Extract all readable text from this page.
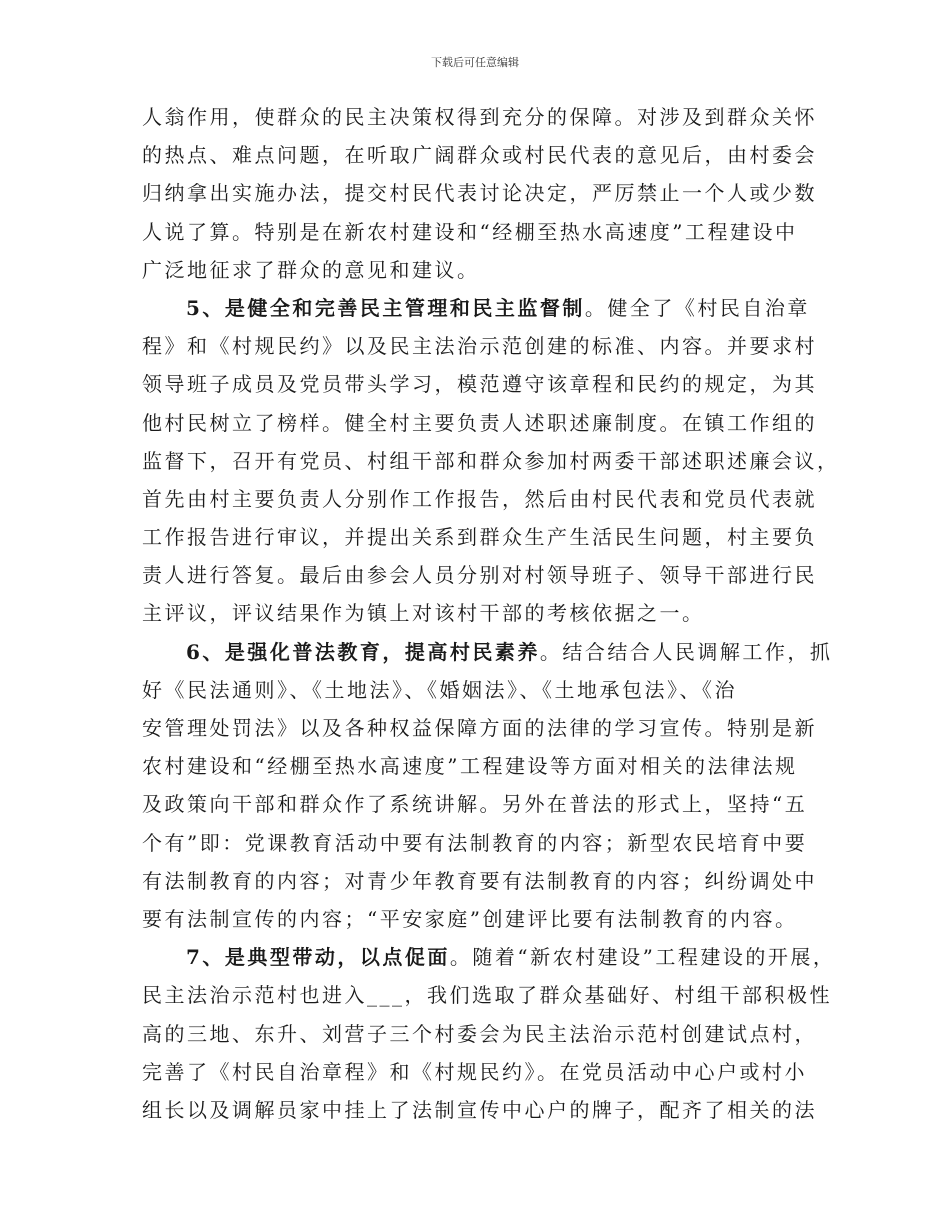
下载后可任意编辑
人翁作用，使群众的民主决策权得到充分的保障。对涉及到群众关怀
的热点、难点问题，在听取广阔群众或村民代表的意见后，由村委会
归纳拿出实施办法，提交村民代表讨论决定，严厉禁止一个人或少数
人说了算。特别是在新农村建设和“经棚至热水高速度”工程建设中
广泛地征求了群众的意见和建议。
5、是健全和完善民主管理和民主监督制。健全了《村民自治章
程》和《村规民约》以及民主法治示范创建的标准、内容。并要求村
领导班子成员及党员带头学习，模范遵守该章程和民约的规定，为其
他村民树立了榜样。健全村主要负责人述职述廉制度。在镇工作组的
监督下，召开有党员、村组干部和群众参加村两委干部述职述廉会议，
首先由村主要负责人分别作工作报告，然后由村民代表和党员代表就
工作报告进行审议，并提出关系到群众生产生活民生问题，村主要负
责人进行答复。最后由参会人员分别对村领导班子、领导干部进行民
主评议，评议结果作为镇上对该村干部的考核依据之一。
6、是强化普法教育，提高村民素养。结合结合人民调解工作，抓
好《民法通则》、《土地法》、《婚姻法》、《土地承包法》、《治
安管理处罚法》以及各种权益保障方面的法律的学习宣传。特别是新
农村建设和“经棚至热水高速度”工程建设等方面对相关的法律法规
及政策向干部和群众作了系统讲解。另外在普法的形式上，坚持“五
个有”即：党课教育活动中要有法制教育的内容；新型农民培育中要
有法制教育的内容；对青少年教育要有法制教育的内容；纠纷调处中
要有法制宣传的内容；“平安家庭”创建评比要有法制教育的内容。
7、是典型带动，以点促面。随着“新农村建设”工程建设的开展，
民主法治示范村也进入___，我们选取了群众基础好、村组干部积极性
高的三地、东升、刘营子三个村委会为民主法治示范村创建试点村，
完善了《村民自治章程》和《村规民约》。在党员活动中心户或村小
组长以及调解员家中挂上了法制宣传中心户的牌子，配齐了相关的法
